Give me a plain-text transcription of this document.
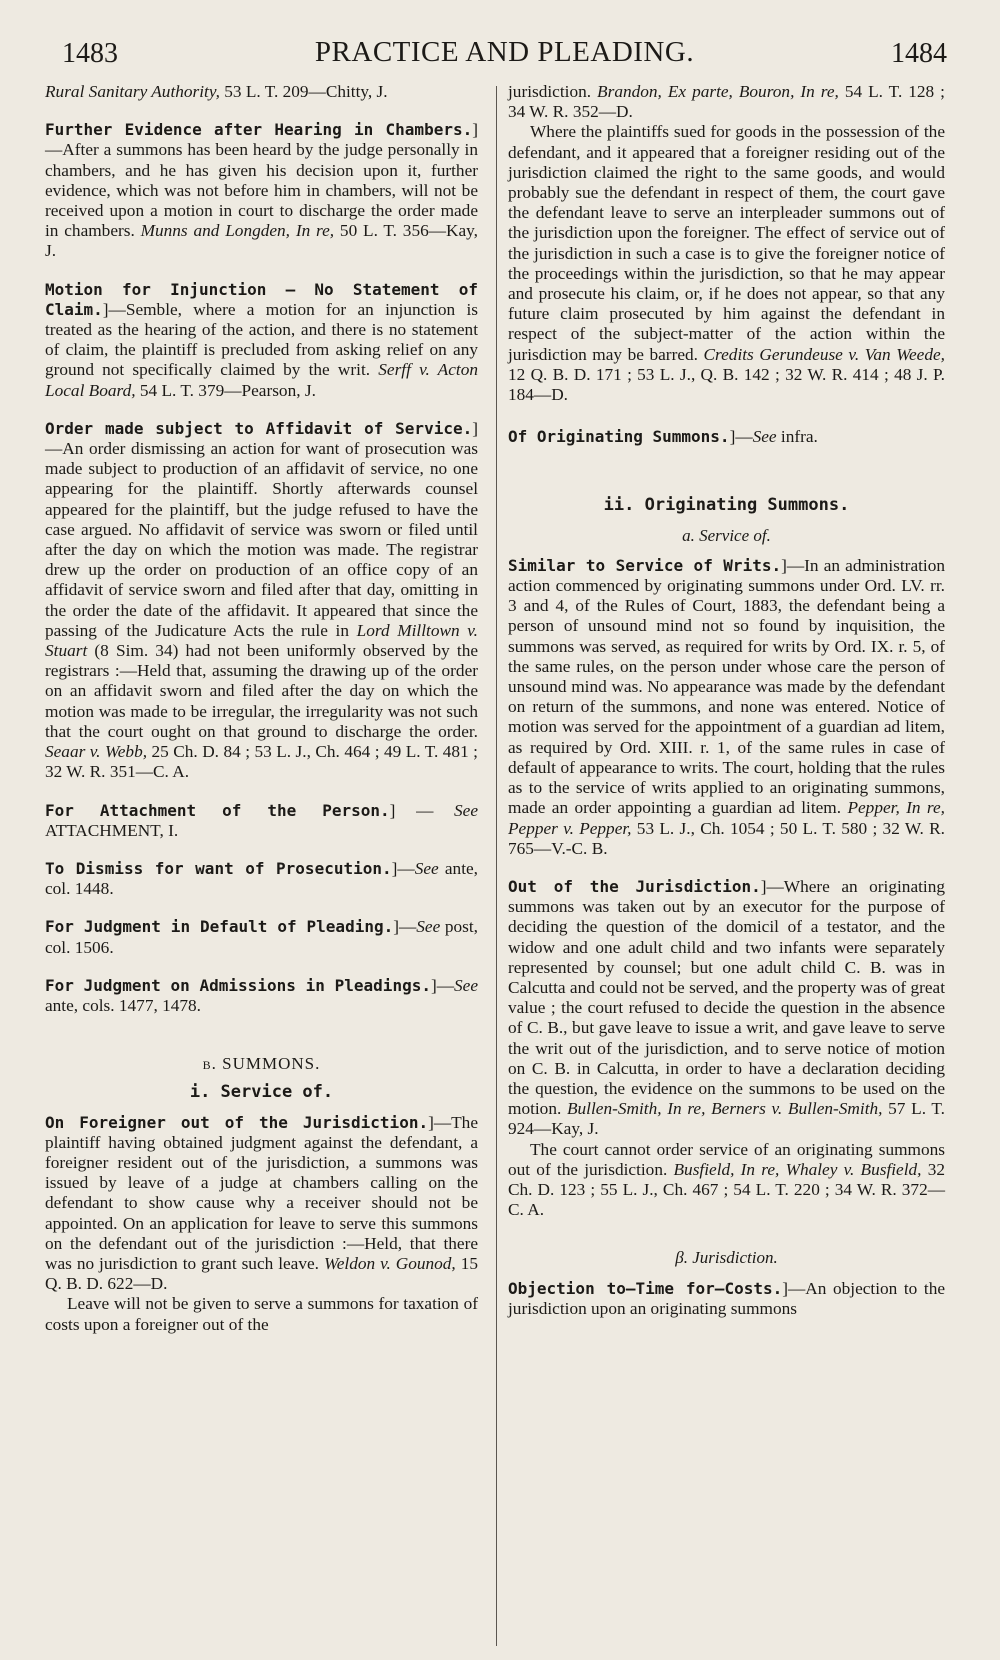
1483	PRACTICE AND PLEADING.	1484

Rural Sanitary Authority, 53 L. T. 209—Chitty, J.

Further Evidence after Hearing in Chambers.]—After a summons has been heard by the judge personally in chambers, and he has given his decision upon it, further evidence, which was not before him in chambers, will not be received upon a motion in court to discharge the order made in chambers. Munns and Longden, In re, 50 L. T. 356—Kay, J.

Motion for Injunction — No Statement of Claim.]—Semble, where a motion for an injunction is treated as the hearing of the action, and there is no statement of claim, the plaintiff is precluded from asking relief on any ground not specifically claimed by the writ. Serff v. Acton Local Board, 54 L. T. 379—Pearson, J.

Order made subject to Affidavit of Service.]—An order dismissing an action for want of prosecution was made subject to production of an affidavit of service, no one appearing for the plaintiff. Shortly afterwards counsel appeared for the plaintiff, but the judge refused to have the case argued. No affidavit of service was sworn or filed until after the day on which the motion was made. The registrar drew up the order on production of an office copy of an affidavit of service sworn and filed after that day, omitting in the order the date of the affidavit. It appeared that since the passing of the Judicature Acts the rule in Lord Milltown v. Stuart (8 Sim. 34) had not been uniformly observed by the registrars :—Held that, assuming the drawing up of the order on an affidavit sworn and filed after the day on which the motion was made to be irregular, the irregularity was not such that the court ought on that ground to discharge the order. Seaar v. Webb, 25 Ch. D. 84 ; 53 L. J., Ch. 464 ; 49 L. T. 481 ; 32 W. R. 351—C. A.

For Attachment of the Person.] — See ATTACHMENT, I.

To Dismiss for want of Prosecution.]—See ante, col. 1448.

For Judgment in Default of Pleading.]—See post, col. 1506.

For Judgment on Admissions in Pleadings.]—See ante, cols. 1477, 1478.

b. SUMMONS.
i. Service of.

On Foreigner out of the Jurisdiction.]—The plaintiff having obtained judgment against the defendant, a foreigner resident out of the jurisdiction, a summons was issued by leave of a judge at chambers calling on the defendant to show cause why a receiver should not be appointed. On an application for leave to serve this summons on the defendant out of the jurisdiction :—Held, that there was no jurisdiction to grant such leave. Weldon v. Gounod, 15 Q. B. D. 622—D.

Leave will not be given to serve a summons for taxation of costs upon a foreigner out of the

jurisdiction. Brandon, Ex parte, Bouron, In re, 54 L. T. 128 ; 34 W. R. 352—D.

Where the plaintiffs sued for goods in the possession of the defendant, and it appeared that a foreigner residing out of the jurisdiction claimed the right to the same goods, and would probably sue the defendant in respect of them, the court gave the defendant leave to serve an interpleader summons out of the jurisdiction upon the foreigner. The effect of service out of the jurisdiction in such a case is to give the foreigner notice of the proceedings within the jurisdiction, so that he may appear and prosecute his claim, or, if he does not appear, so that any future claim prosecuted by him against the defendant in respect of the subject-matter of the action within the jurisdiction may be barred. Credits Gerundeuse v. Van Weede, 12 Q. B. D. 171 ; 53 L. J., Q. B. 142 ; 32 W. R. 414 ; 48 J. P. 184—D.

Of Originating Summons.]—See infra.

ii. Originating Summons.
a. Service of.

Similar to Service of Writs.]—In an administration action commenced by originating summons under Ord. LV. rr. 3 and 4, of the Rules of Court, 1883, the defendant being a person of unsound mind not so found by inquisition, the summons was served, as required for writs by Ord. IX. r. 5, of the same rules, on the person under whose care the person of unsound mind was. No appearance was made by the defendant on return of the summons, and none was entered. Notice of motion was served for the appointment of a guardian ad litem, as required by Ord. XIII. r. 1, of the same rules in case of default of appearance to writs. The court, holding that the rules as to the service of writs applied to an originating summons, made an order appointing a guardian ad litem. Pepper, In re, Pepper v. Pepper, 53 L. J., Ch. 1054 ; 50 L. T. 580 ; 32 W. R. 765—V.-C. B.

Out of the Jurisdiction.]—Where an originating summons was taken out by an executor for the purpose of deciding the question of the domicil of a testator, and the widow and one adult child and two infants were separately represented by counsel; but one adult child C. B. was in Calcutta and could not be served, and the property was of great value ; the court refused to decide the question in the absence of C. B., but gave leave to issue a writ, and gave leave to serve the writ out of the jurisdiction, and to serve notice of motion on C. B. in Calcutta, in order to have a declaration deciding the question, the evidence on the summons to be used on the motion. Bullen-Smith, In re, Berners v. Bullen-Smith, 57 L. T. 924—Kay, J.

The court cannot order service of an originating summons out of the jurisdiction. Busfield, In re, Whaley v. Busfield, 32 Ch. D. 123 ; 55 L. J., Ch. 467 ; 54 L. T. 220 ; 34 W. R. 372—C. A.

β. Jurisdiction.

Objection to—Time for—Costs.]—An objection to the jurisdiction upon an originating summons
